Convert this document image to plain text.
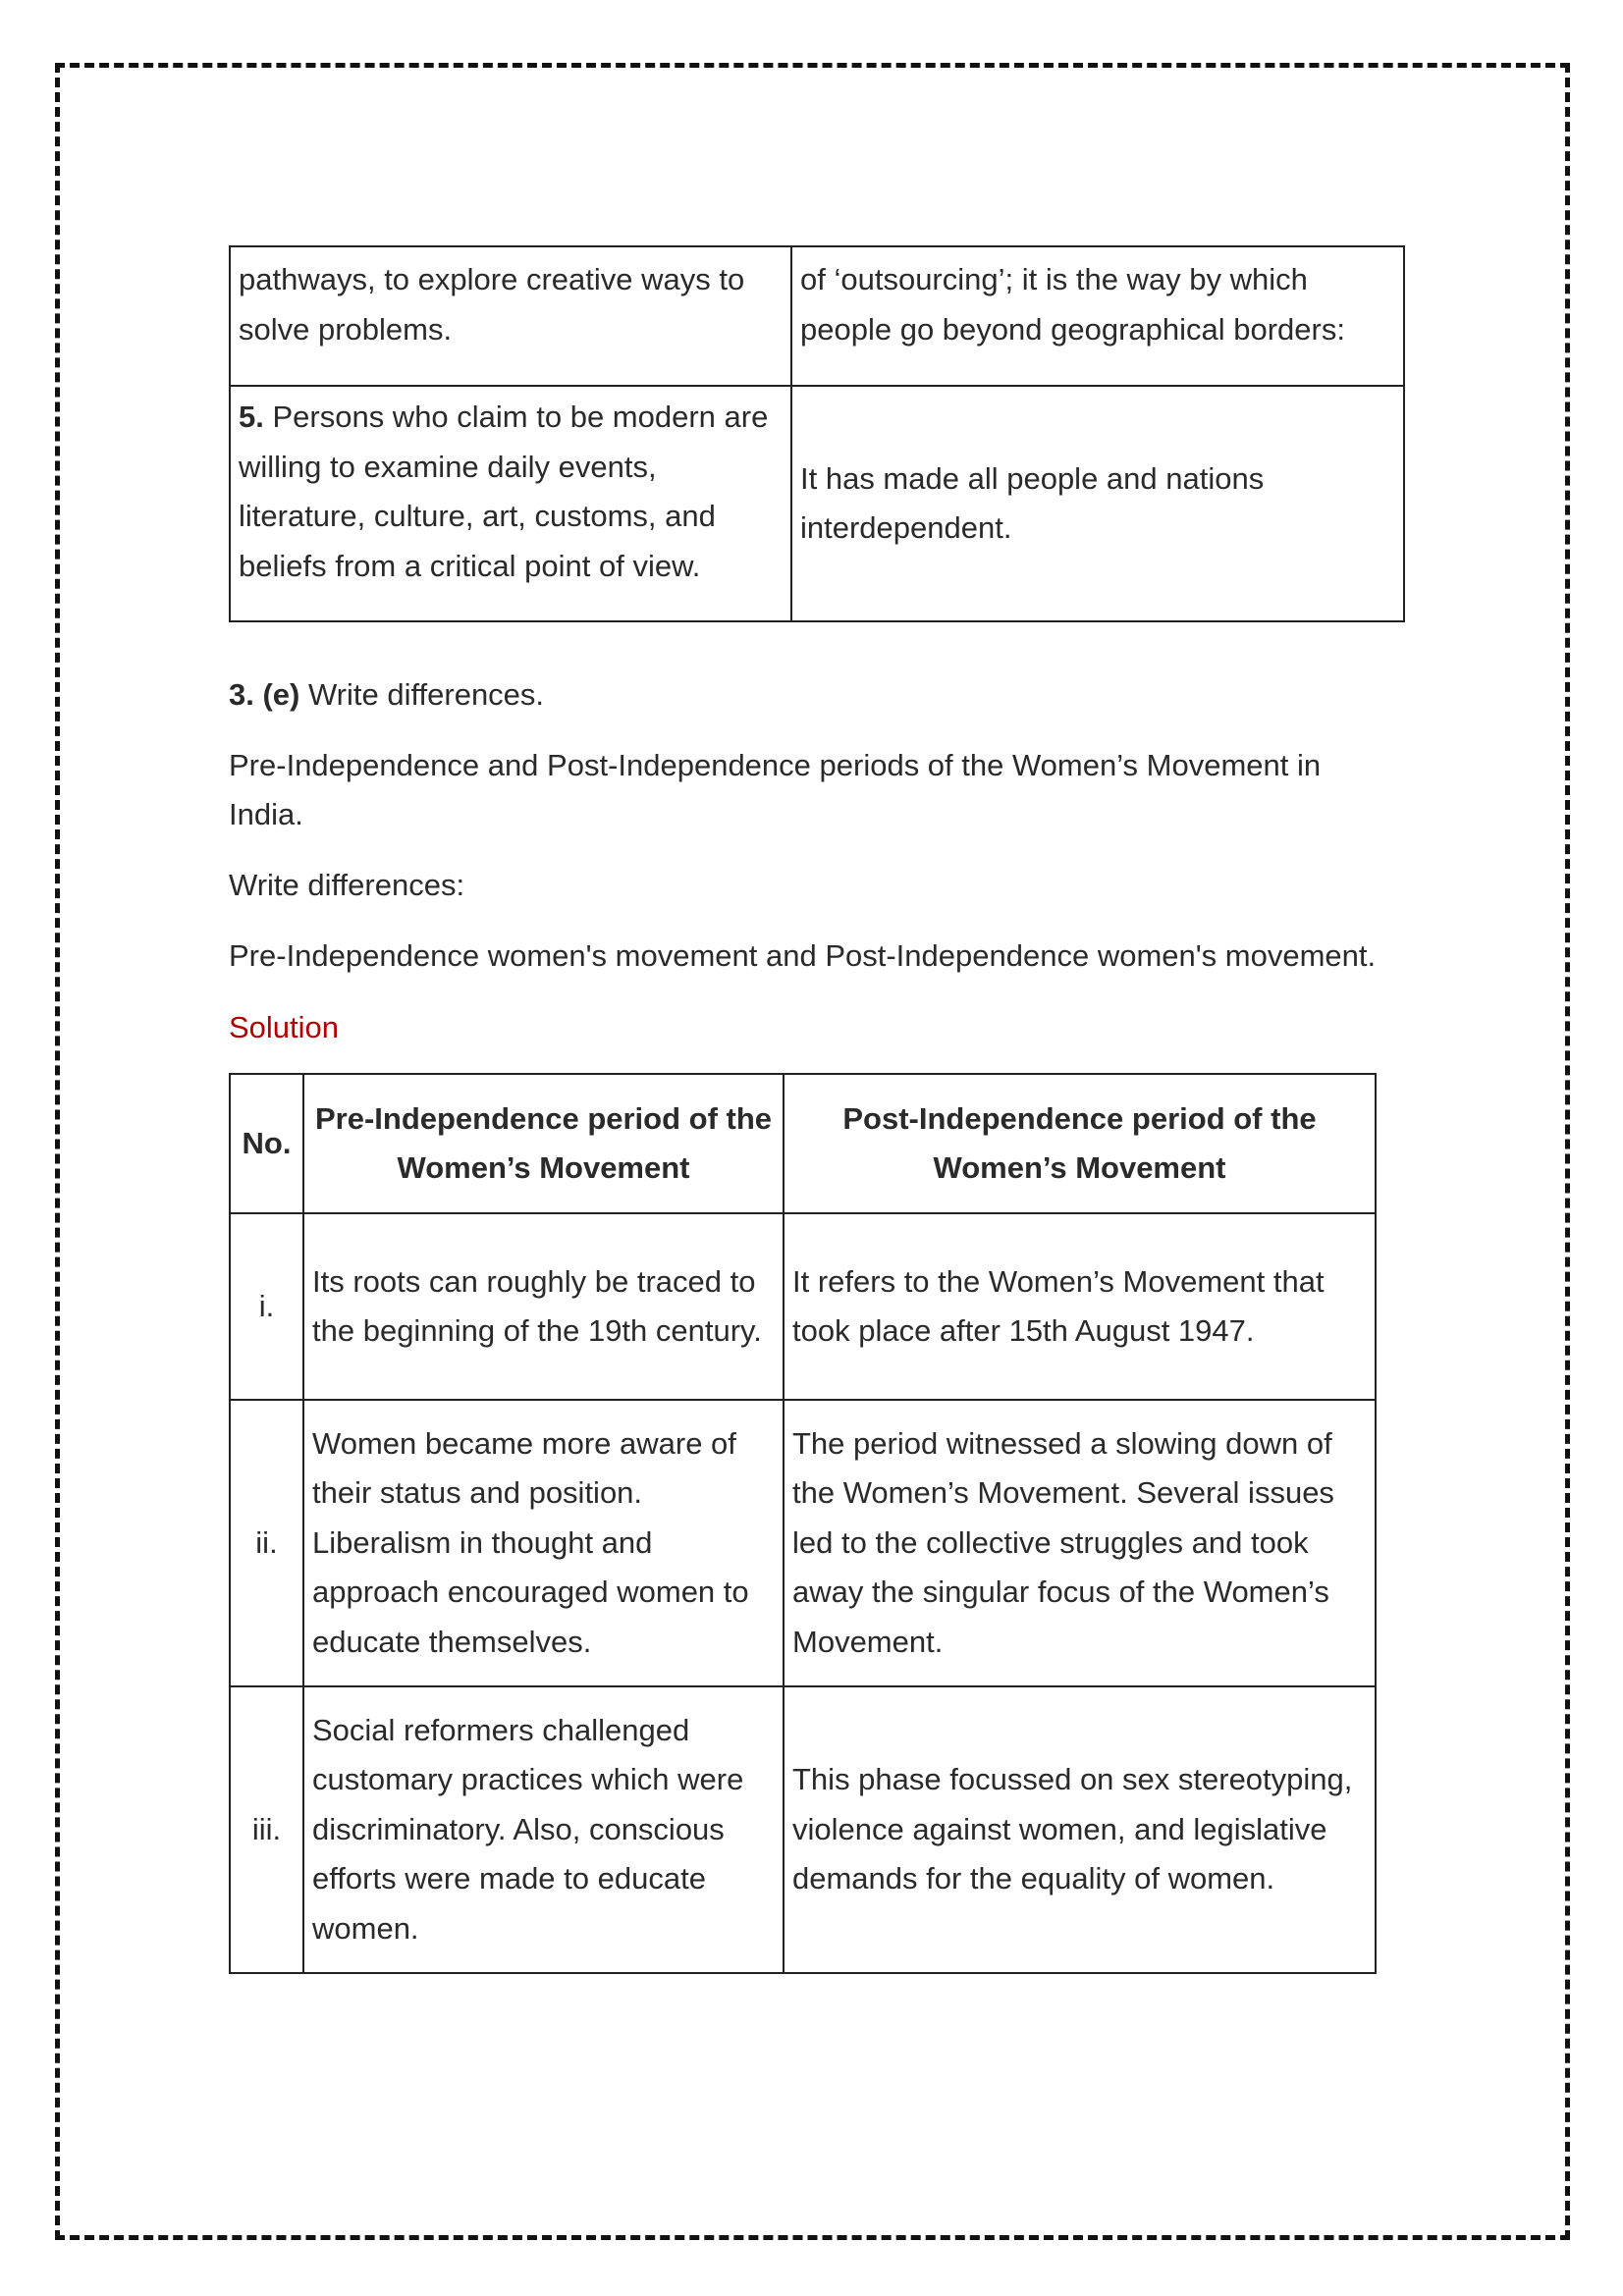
pathways, to explore creative ways to solve problems.	of ‘outsourcing’; it is the way by which people go beyond geographical borders:
5. Persons who claim to be modern are willing to examine daily events, literature, culture, art, customs, and beliefs from a critical point of view.	It has made all people and nations interdependent.

3. (e) Write differences.

Pre-Independence and Post-Independence periods of the Women’s Movement in India.

Write differences:

Pre-Independence women's movement and Post-Independence women's movement.

Solution

No.	Pre-Independence period of the Women’s Movement	Post-Independence period of the Women’s Movement
i.	Its roots can roughly be traced to the beginning of the 19th century.	It refers to the Women’s Movement that took place after 15th August 1947.
ii.	Women became more aware of their status and position. Liberalism in thought and approach encouraged women to educate themselves.	The period witnessed a slowing down of the Women’s Movement. Several issues led to the collective struggles and took away the singular focus of the Women’s Movement.
iii.	Social reformers challenged customary practices which were discriminatory. Also, conscious efforts were made to educate women.	This phase focussed on sex stereotyping, violence against women, and legislative demands for the equality of women.
